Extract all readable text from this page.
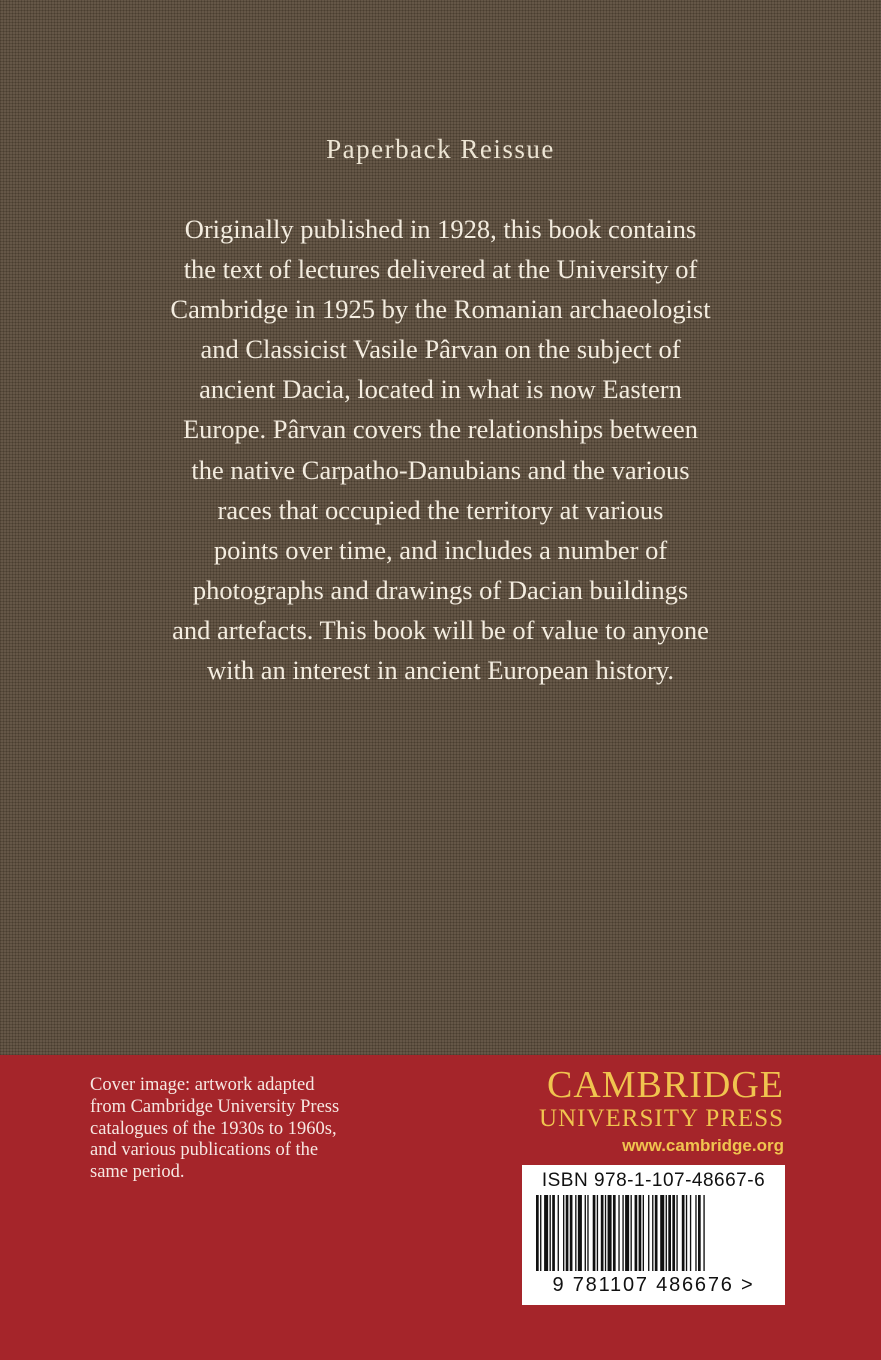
Paperback Reissue
Originally published in 1928, this book contains
the text of lectures delivered at the University of
Cambridge in 1925 by the Romanian archaeologist
and Classicist Vasile Pârvan on the subject of
ancient Dacia, located in what is now Eastern
Europe. Pârvan covers the relationships between
the native Carpatho-Danubians and the various
races that occupied the territory at various
points over time, and includes a number of
photographs and drawings of Dacian buildings
and artefacts. This book will be of value to anyone
with an interest in ancient European history.
Cover image: artwork adapted
from Cambridge University Press
catalogues of the 1930s to 1960s,
and various publications of the
same period.
CAMBRIDGE
UNIVERSITY PRESS
www.cambridge.org
ISBN 978-1-107-48667-6
9 781107 486676 >
